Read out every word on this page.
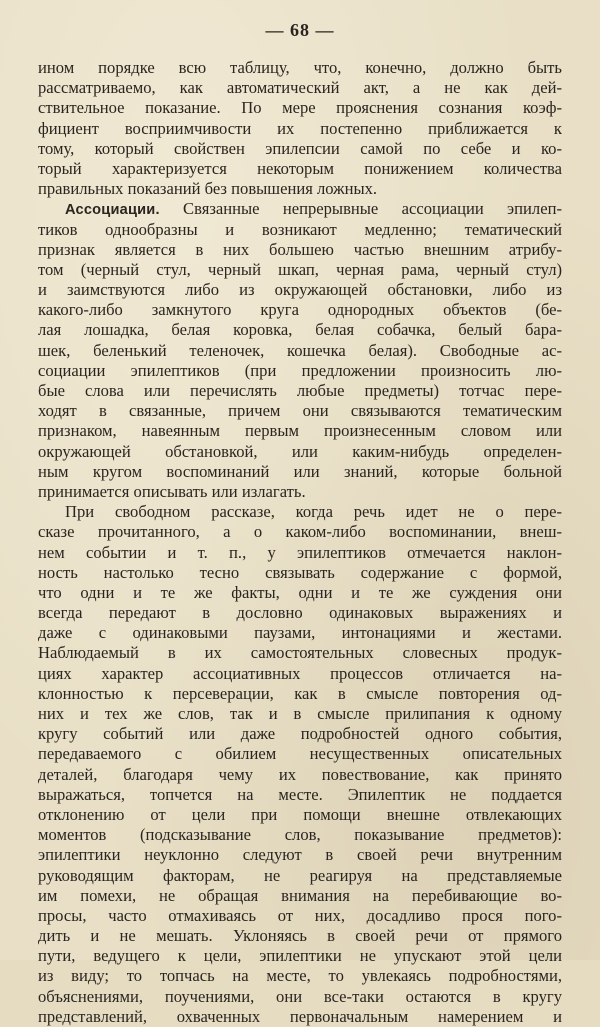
— 68 —
ином порядке всю таблицу, что, конечно, должно быть
рассматриваемо, как автоматический акт, а не как дей-
ствительное показание. По мере прояснения сознания коэф-
фициент восприимчивости их постепенно приближается к
тому, который свойствен эпилепсии самой по себе и ко-
торый характеризуется некоторым понижением количества
правильных показаний без повышения ложных.
Ассоциации. Связанные непрерывные ассоциации эпилеп-
тиков однообразны и возникают медленно; тематический
признак является в них большею частью внешним атрибу-
том (черный стул, черный шкап, черная рама, черный стул)
и заимствуются либо из окружающей обстановки, либо из
какого-либо замкнутого круга однородных объектов (бе-
лая лошадка, белая коровка, белая собачка, белый бара-
шек, беленький теленочек, кошечка белая). Свободные ас-
социации эпилептиков (при предложении произносить лю-
бые слова или перечислять любые предметы) тотчас пере-
ходят в связанные, причем они связываются тематическим
признаком, навеянным первым произнесенным словом или
окружающей обстановкой, или каким-нибудь определен-
ным кругом воспоминаний или знаний, которые больной
принимается описывать или излагать.
При свободном рассказе, когда речь идет не о пере-
сказе прочитанного, а о каком-либо воспоминании, внеш-
нем событии и т. п., у эпилептиков отмечается наклон-
ность настолько тесно связывать содержание с формой,
что одни и те же факты, одни и те же суждения они
всегда передают в дословно одинаковых выражениях и
даже с одинаковыми паузами, интонациями и жестами.
Наблюдаемый в их самостоятельных словесных продук-
циях характер ассоциативных процессов отличается на-
клонностью к персеверации, как в смысле повторения од-
них и тех же слов, так и в смысле прилипания к одному
кругу событий или даже подробностей одного события,
передаваемого с обилием несущественных описательных
деталей, благодаря чему их повествование, как принято
выражаться, топчется на месте. Эпилептик не поддается
отклонению от цели при помощи внешне отвлекающих
моментов (подсказывание слов, показывание предметов):
эпилептики неуклонно следуют в своей речи внутренним
руководящим факторам, не реагируя на представляемые
им помехи, не обращая внимания на перебивающие во-
просы, часто отмахиваясь от них, досадливо прося пого-
дить и не мешать. Уклоняясь в своей речи от прямого
пути, ведущего к цели, эпилептики не упускают этой цели
из виду; то топчась на месте, то увлекаясь подробностями,
объяснениями, поучениями, они все-таки остаются в кругу
представлений, охваченных первоначальным намерением и
